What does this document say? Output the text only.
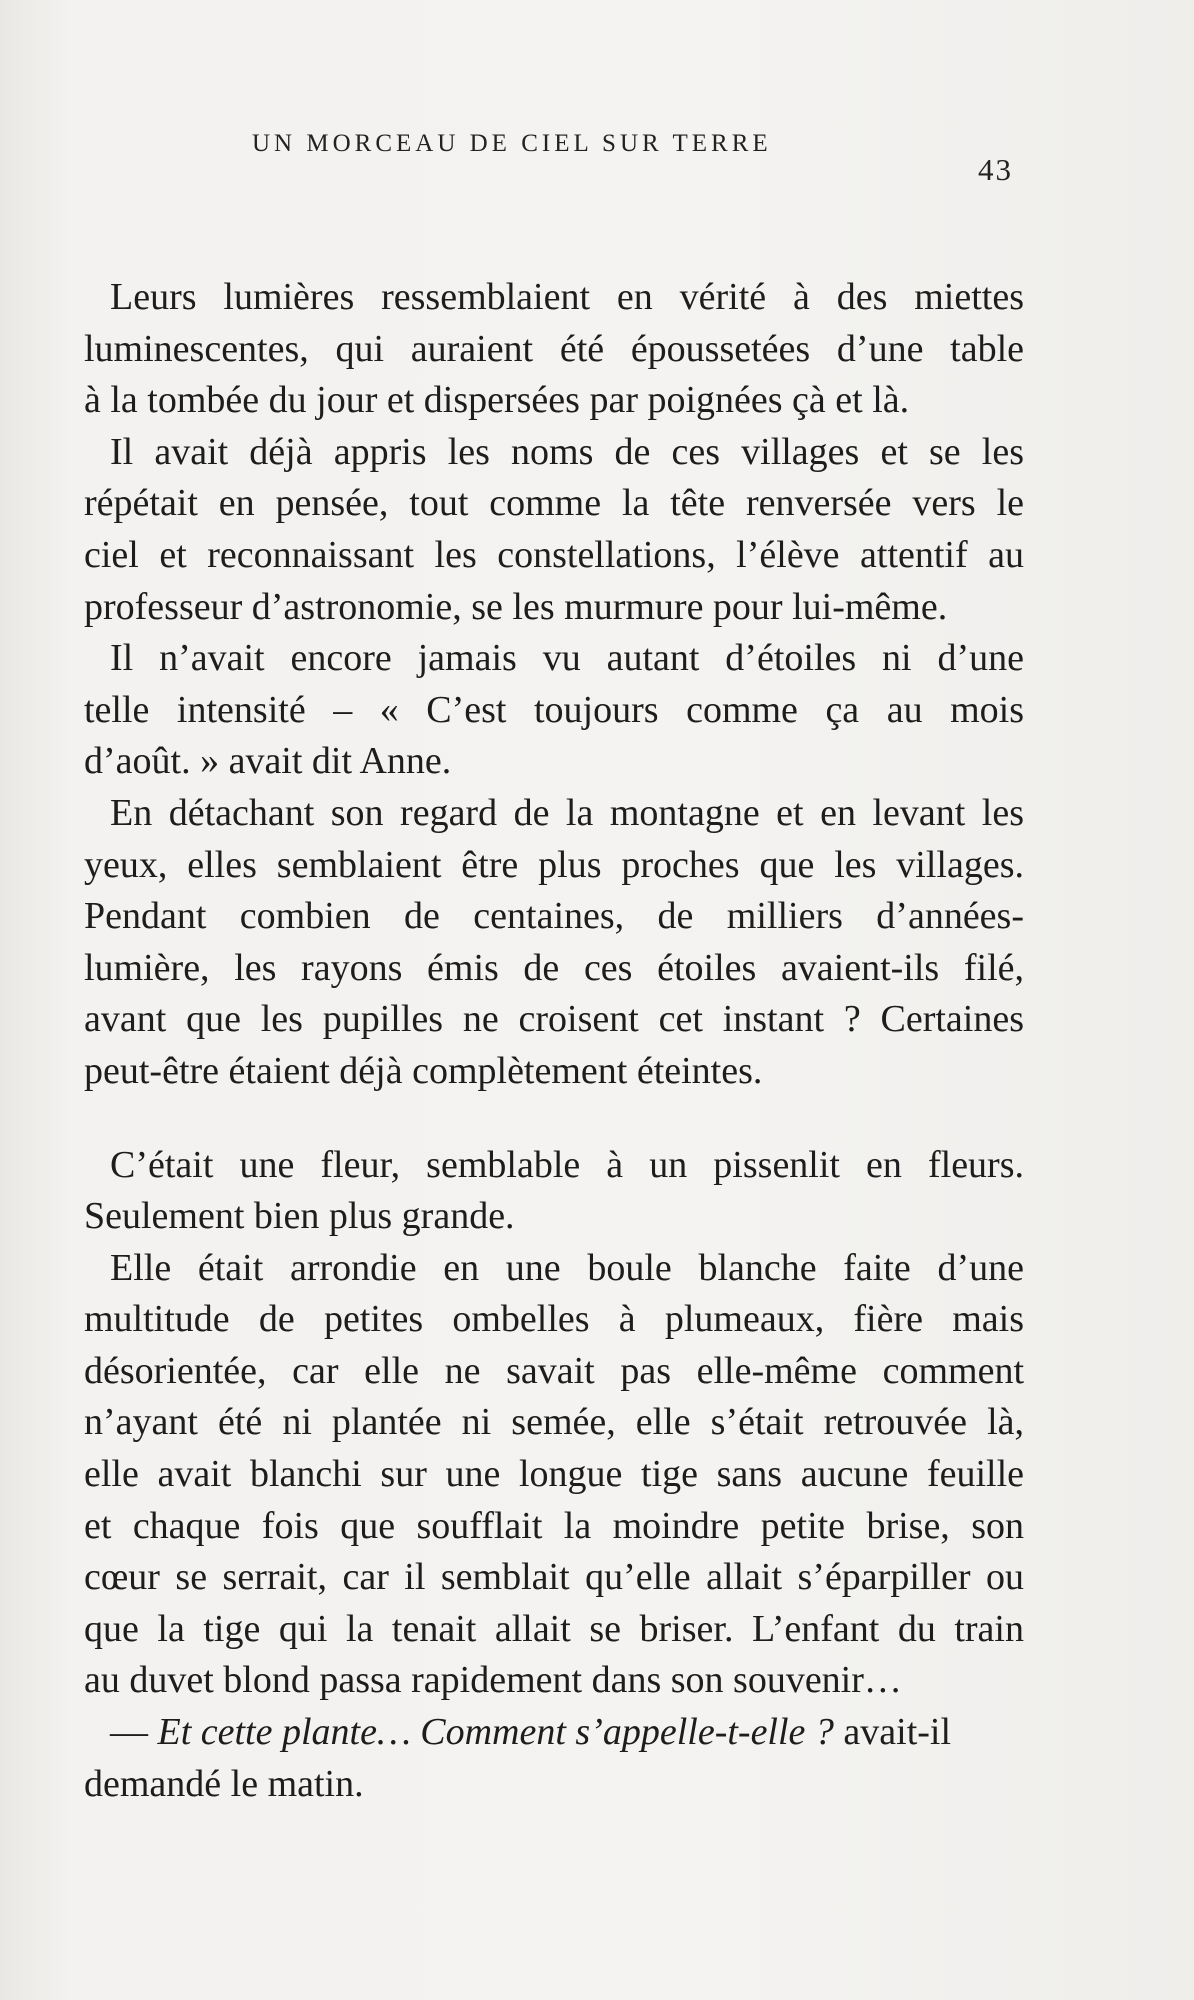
UN MORCEAU DE CIEL SUR TERRE
43
Leurs lumières ressemblaient en vérité à des miettes
luminescentes, qui auraient été époussetées d’une table
à la tombée du jour et dispersées par poignées çà et là.
Il avait déjà appris les noms de ces villages et se les
répétait en pensée, tout comme la tête renversée vers le
ciel et reconnaissant les constellations, l’élève attentif au
professeur d’astronomie, se les murmure pour lui-même.
Il n’avait encore jamais vu autant d’étoiles ni d’une
telle intensité – « C’est toujours comme ça au mois
d’août. » avait dit Anne.
En détachant son regard de la montagne et en levant les
yeux, elles semblaient être plus proches que les villages.
Pendant combien de centaines, de milliers d’années-
lumière, les rayons émis de ces étoiles avaient-ils filé,
avant que les pupilles ne croisent cet instant ? Certaines
peut-être étaient déjà complètement éteintes.
C’était une fleur, semblable à un pissenlit en fleurs.
Seulement bien plus grande.
Elle était arrondie en une boule blanche faite d’une
multitude de petites ombelles à plumeaux, fière mais
désorientée, car elle ne savait pas elle-même comment
n’ayant été ni plantée ni semée, elle s’était retrouvée là,
elle avait blanchi sur une longue tige sans aucune feuille
et chaque fois que soufflait la moindre petite brise, son
cœur se serrait, car il semblait qu’elle allait s’éparpiller ou
que la tige qui la tenait allait se briser. L’enfant du train
au duvet blond passa rapidement dans son souvenir…
— Et cette plante… Comment s’appelle-t-elle ? avait-il
demandé le matin.
